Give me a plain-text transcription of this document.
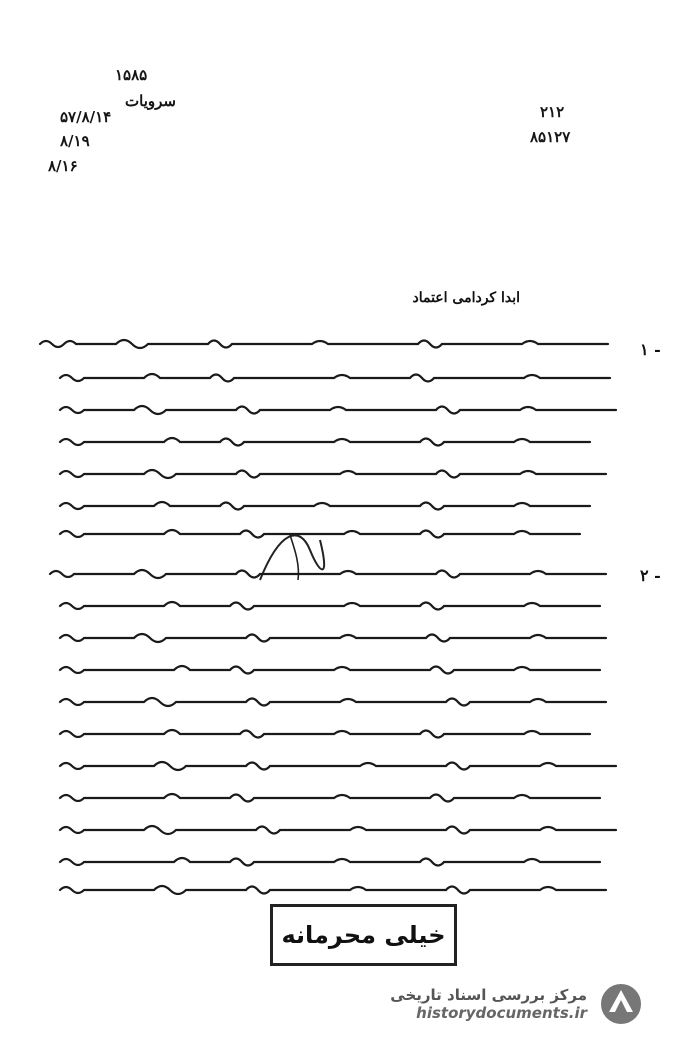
۱۵۸۵
سرویات
۵۷/۸/۱۴	۲۱۲
۸۵۱۲۷
۸/۱۹
۸/۱۶
ابدا کردامی اعتماد
۱ -
۲ -
خیلی محرمانه
مرکز بررسی اسناد تاریخی
historydocuments.ir
